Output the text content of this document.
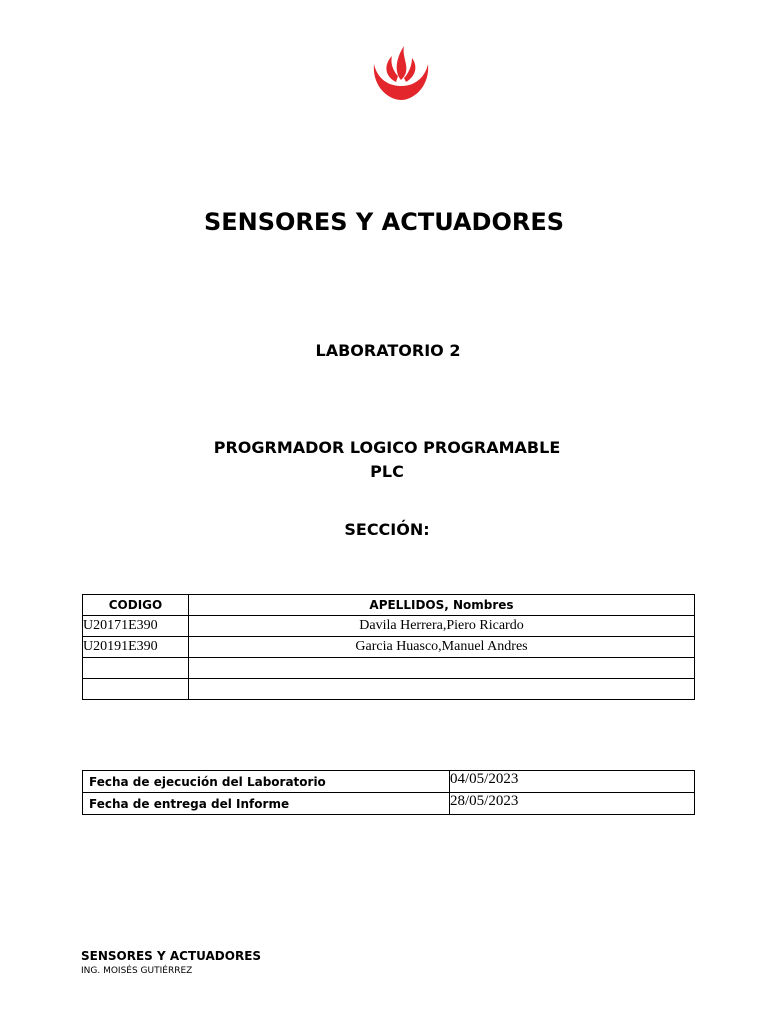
SENSORES Y ACTUADORES
LABORATORIO 2
PROGRMADOR LOGICO PROGRAMABLE
PLC
SECCIÓN:
CODIGO	APELLIDOS, Nombres
U20171E390	Davila Herrera,Piero Ricardo
U20191E390	Garcia Huasco,Manuel Andres

Fecha de ejecución del Laboratorio	04/05/2023
Fecha de entrega del Informe	28/05/2023
SENSORES Y ACTUADORES
ING. MOISÉS GUTIÉRREZ
